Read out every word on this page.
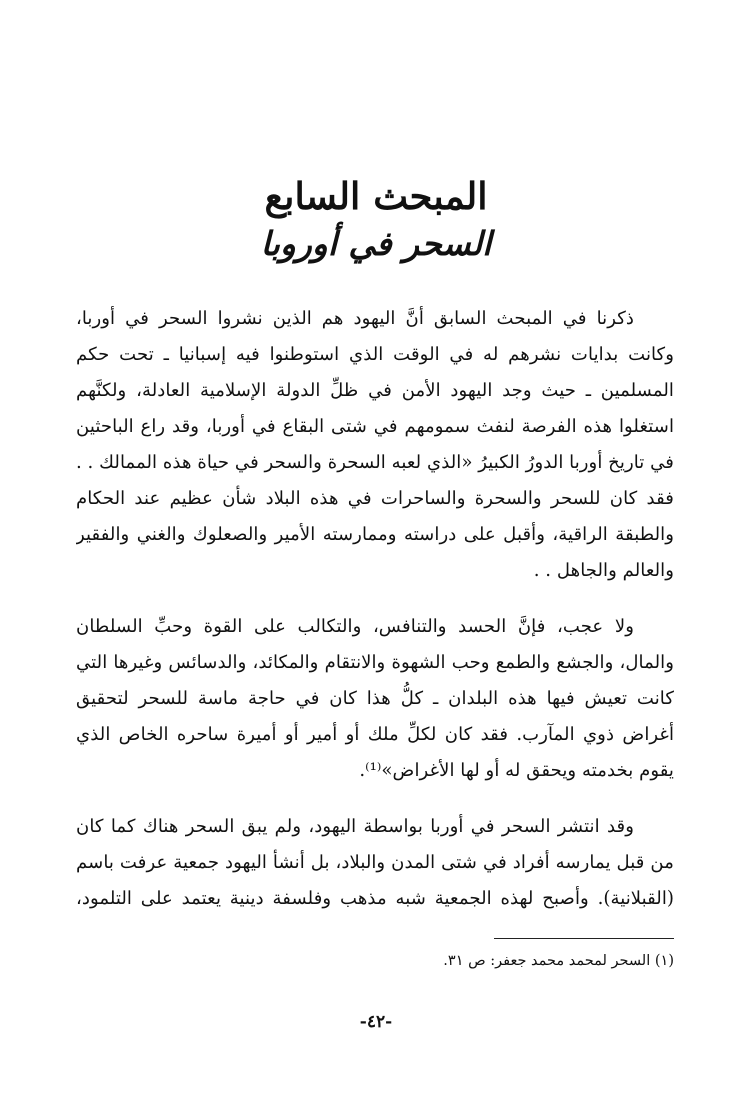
المبحث السابع
السحر في أوروبا
ذكرنا في المبحث السابق أنَّ اليهود هم الذين نشروا السحر في أوربا،
وكانت بدايات نشرهم له في الوقت الذي استوطنوا فيه إسبانيا ـ تحت حكم
المسلمين ـ حيث وجد اليهود الأمن في ظلِّ الدولة الإسلامية العادلة، ولكنَّهم
استغلوا هذه الفرصة لنفث سمومهم في شتى البقاع في أوربا، وقد راع الباحثين
في تاريخ أوربا الدورُ الكبيرُ «الذي لعبه السحرة والسحر في حياة هذه الممالك . .
فقد كان للسحر والسحرة والساحرات في هذه البلاد شأن عظيم عند الحكام
والطبقة الراقية، وأقبل على دراسته وممارسته الأمير والصعلوك والغني والفقير
والعالم والجاهل . .
ولا عجب، فإنَّ الحسد والتنافس، والتكالب على القوة وحبِّ السلطان
والمال، والجشع والطمع وحب الشهوة والانتقام والمكائد، والدسائس وغيرها التي
كانت تعيش فيها هذه البلدان ـ كلُّ هذا كان في حاجة ماسة للسحر لتحقيق
أغراض ذوي المآرب. فقد كان لكلِّ ملك أو أمير أو أميرة ساحره الخاص الذي
يقوم بخدمته ويحقق له أو لها الأغراض»⁽¹⁾.
وقد انتشر السحر في أوربا بواسطة اليهود، ولم يبق السحر هناك كما كان
من قبل يمارسه أفراد في شتى المدن والبلاد، بل أنشأ اليهود جمعية عرفت باسم
(القبلانية). وأصبح لهذه الجمعية شبه مذهب وفلسفة دينية يعتمد على التلمود،
(١) السحر لمحمد محمد جعفر: ص ٣١.
-٤٢-
